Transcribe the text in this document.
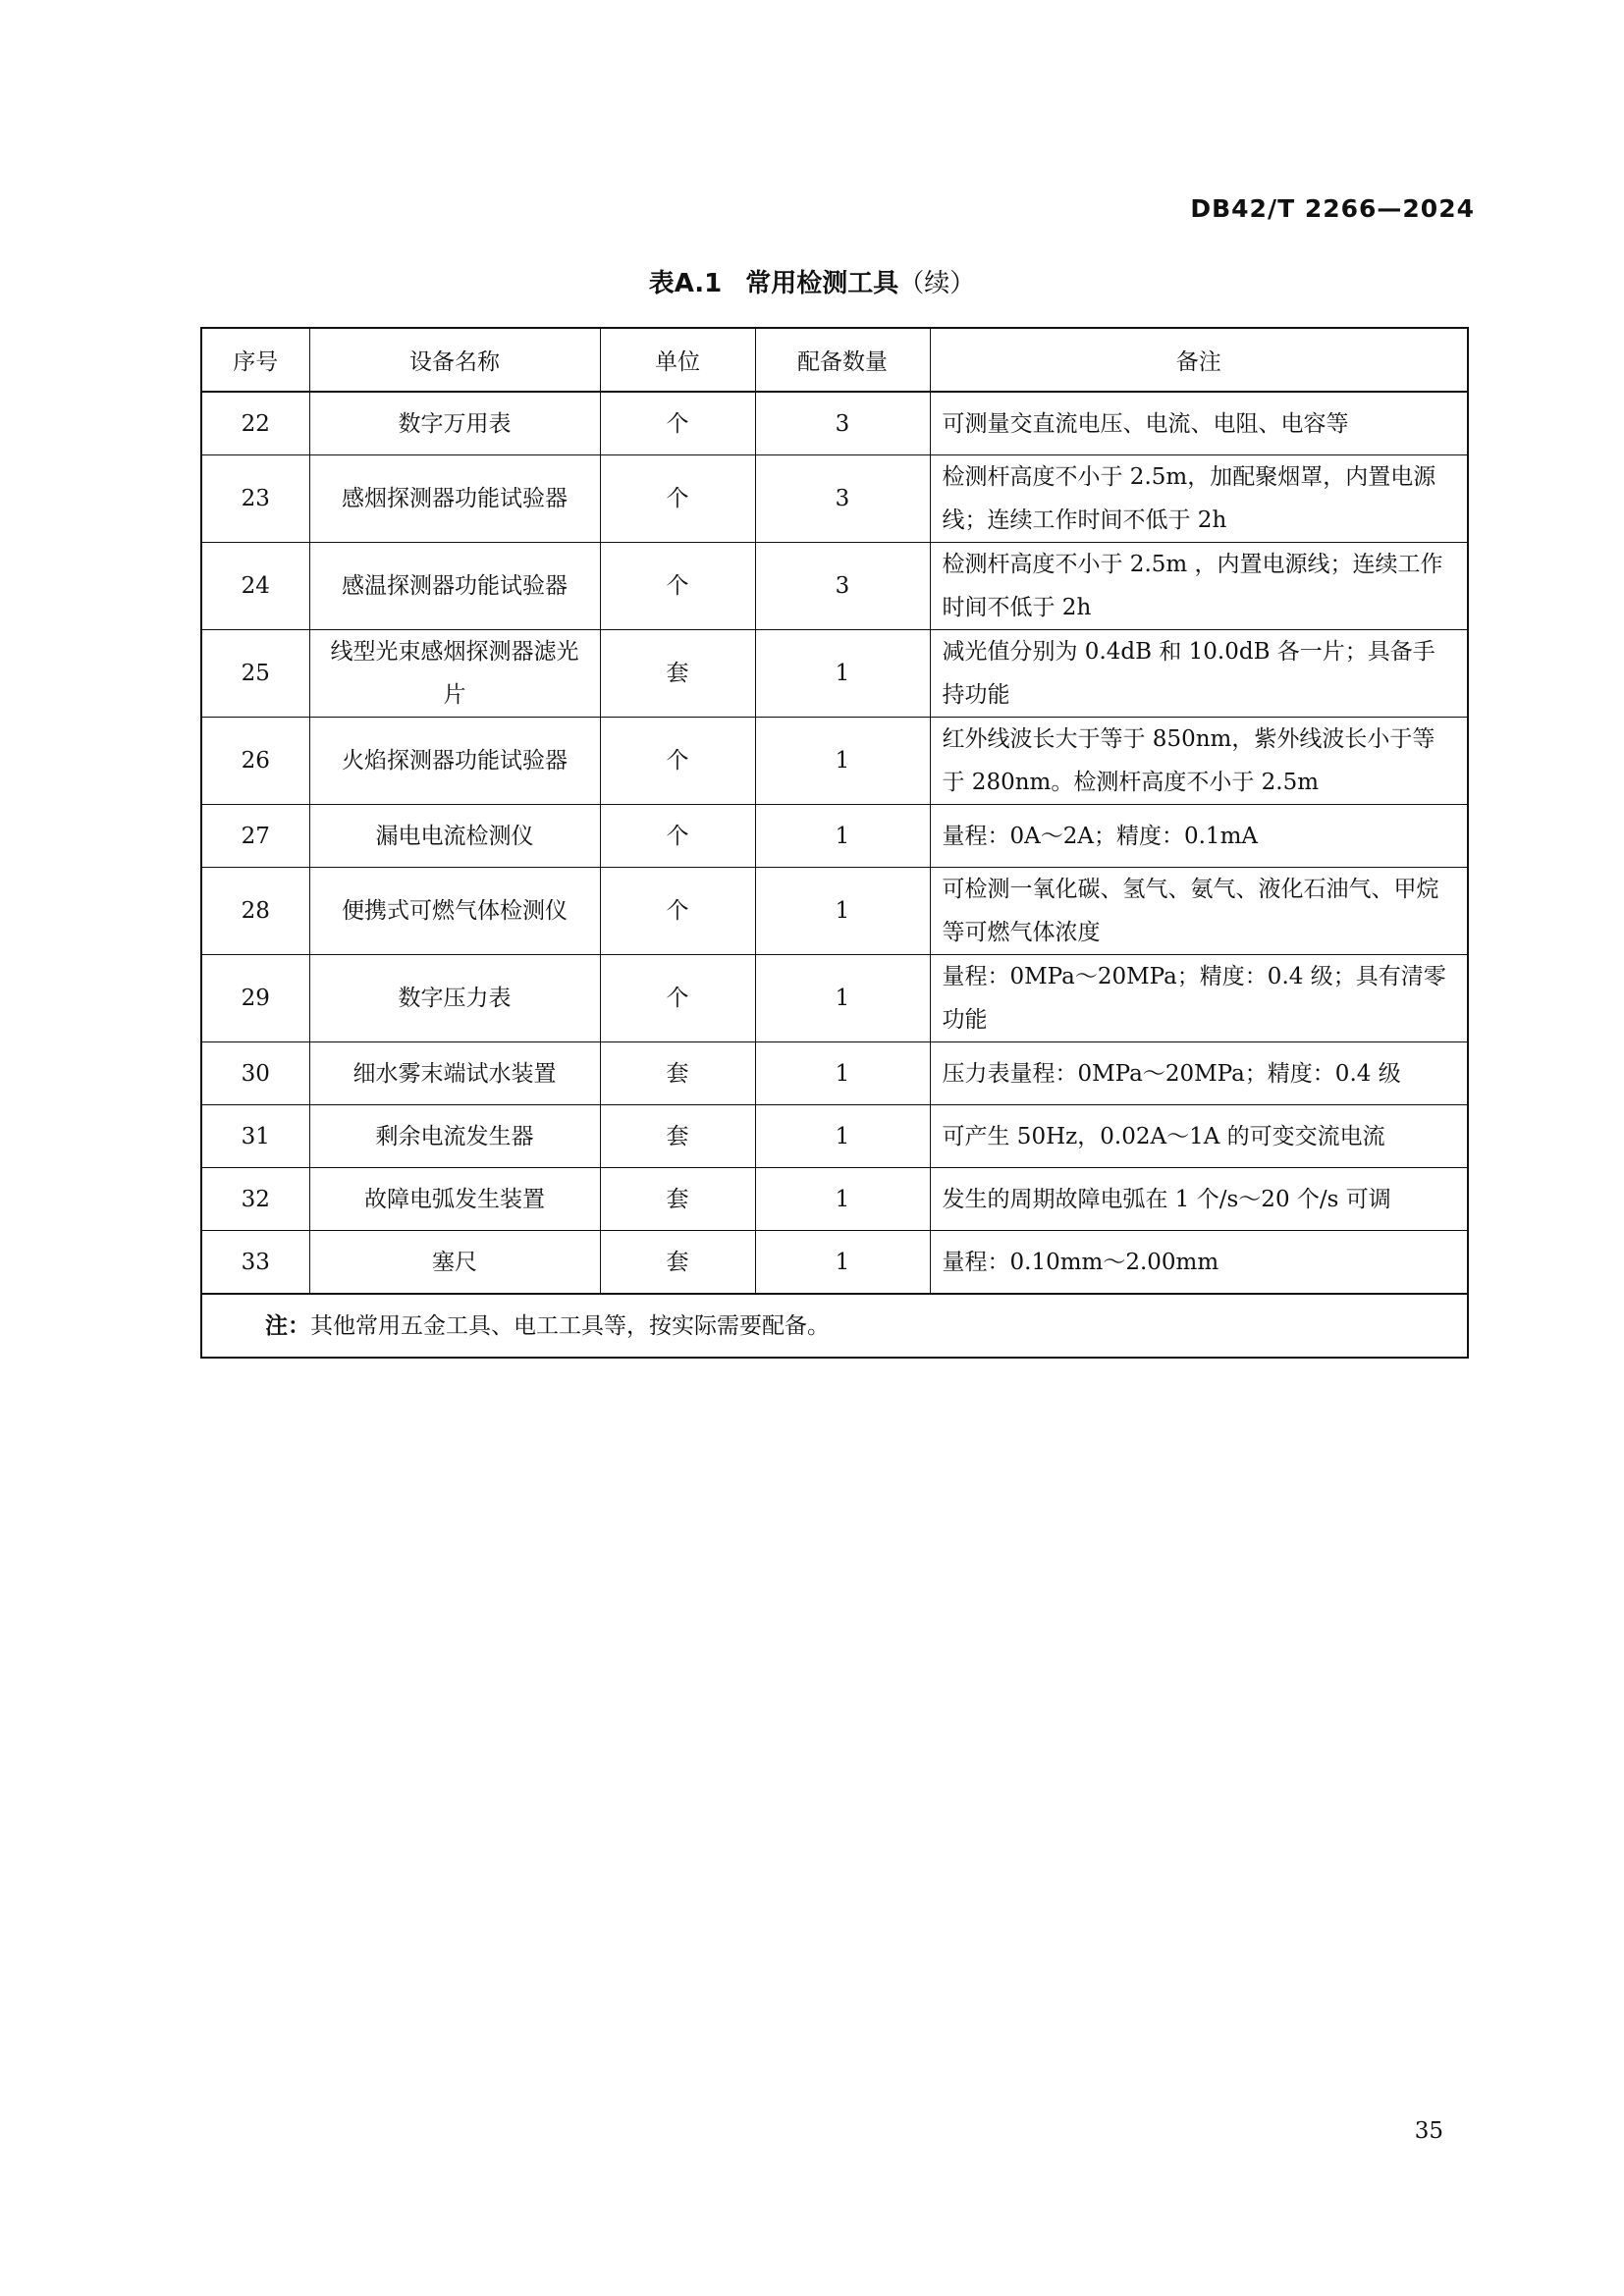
DB42/T 2266—2024
表A.1 常用检测工具（续）
序号	设备名称	单位	配备数量	备注
22	数字万用表	个	3	可测量交直流电压、电流、电阻、电容等
23	感烟探测器功能试验器	个	3	检测杆高度不小于 2.5m，加配聚烟罩，内置电源线；连续工作时间不低于 2h
24	感温探测器功能试验器	个	3	检测杆高度不小于 2.5m ，内置电源线；连续工作时间不低于 2h
25	线型光束感烟探测器滤光片	套	1	减光值分别为 0.4dB 和 10.0dB 各一片；具备手持功能
26	火焰探测器功能试验器	个	1	红外线波长大于等于 850nm，紫外线波长小于等于 280nm。检测杆高度不小于 2.5m
27	漏电电流检测仪	个	1	量程：0A～2A；精度：0.1mA
28	便携式可燃气体检测仪	个	1	可检测一氧化碳、氢气、氨气、液化石油气、甲烷等可燃气体浓度
29	数字压力表	个	1	量程：0MPa～20MPa；精度：0.4 级；具有清零功能
30	细水雾末端试水装置	套	1	压力表量程：0MPa～20MPa；精度：0.4 级
31	剩余电流发生器	套	1	可产生 50Hz，0.02A～1A 的可变交流电流
32	故障电弧发生装置	套	1	发生的周期故障电弧在 1 个/s～20 个/s 可调
33	塞尺	套	1	量程：0.10mm～2.00mm
注：其他常用五金工具、电工工具等，按实际需要配备。				
35
